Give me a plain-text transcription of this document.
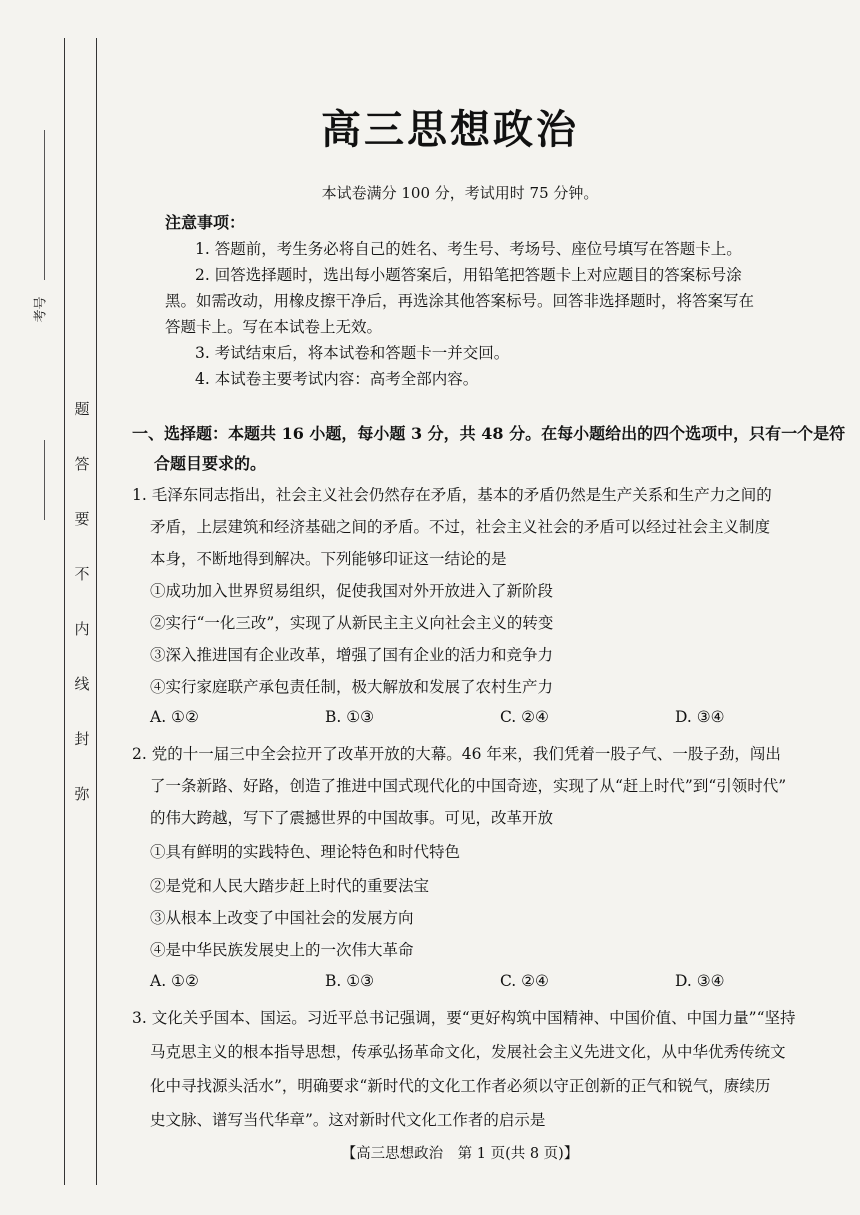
考号
题
答
要
不
内
线
封
弥
高三思想政治
本试卷满分 100 分，考试用时 75 分钟。
注意事项：
1. 答题前，考生务必将自己的姓名、考生号、考场号、座位号填写在答题卡上。
2. 回答选择题时，选出每小题答案后，用铅笔把答题卡上对应题目的答案标号涂
黑。如需改动，用橡皮擦干净后，再选涂其他答案标号。回答非选择题时，将答案写在
答题卡上。写在本试卷上无效。
3. 考试结束后，将本试卷和答题卡一并交回。
4. 本试卷主要考试内容：高考全部内容。
一、选择题：本题共 16 小题，每小题 3 分，共 48 分。在每小题给出的四个选项中，只有一个是符
合题目要求的。
1. 毛泽东同志指出，社会主义社会仍然存在矛盾，基本的矛盾仍然是生产关系和生产力之间的
矛盾，上层建筑和经济基础之间的矛盾。不过，社会主义社会的矛盾可以经过社会主义制度
本身，不断地得到解决。下列能够印证这一结论的是
①成功加入世界贸易组织，促使我国对外开放进入了新阶段
②实行“一化三改”，实现了从新民主主义向社会主义的转变
③深入推进国有企业改革，增强了国有企业的活力和竞争力
④实行家庭联产承包责任制，极大解放和发展了农村生产力
A. ①②	B. ①③	C. ②④	D. ③④
2. 党的十一届三中全会拉开了改革开放的大幕。46 年来，我们凭着一股子气、一股子劲，闯出
了一条新路、好路，创造了推进中国式现代化的中国奇迹，实现了从“赶上时代”到“引领时代”
的伟大跨越，写下了震撼世界的中国故事。可见，改革开放
①具有鲜明的实践特色、理论特色和时代特色
②是党和人民大踏步赶上时代的重要法宝
③从根本上改变了中国社会的发展方向
④是中华民族发展史上的一次伟大革命
A. ①②	B. ①③	C. ②④	D. ③④
3. 文化关乎国本、国运。习近平总书记强调，要“更好构筑中国精神、中国价值、中国力量”“坚持
马克思主义的根本指导思想，传承弘扬革命文化，发展社会主义先进文化，从中华优秀传统文
化中寻找源头活水”，明确要求“新时代的文化工作者必须以守正创新的正气和锐气，赓续历
史文脉、谱写当代华章”。这对新时代文化工作者的启示是
【高三思想政治　第 1 页(共 8 页)】
